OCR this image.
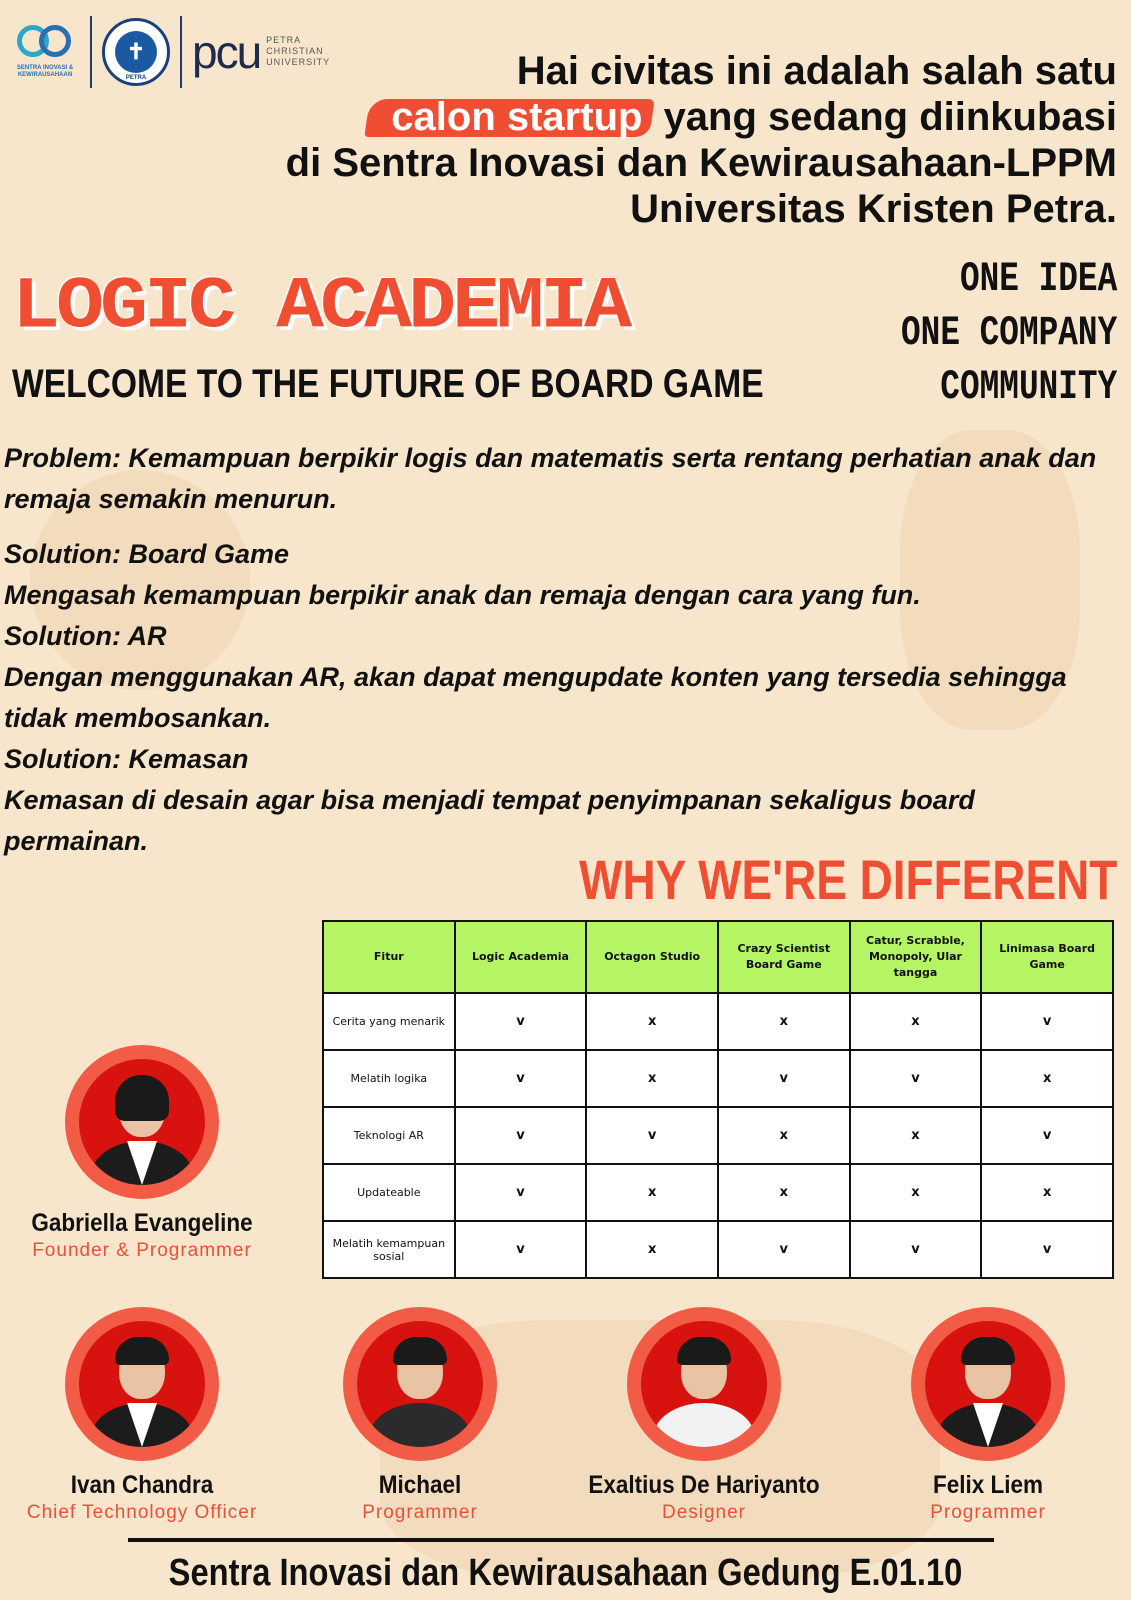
SENTRA INOVASI & KEWIRAUSAHAAN
✝
PETRA pcu PETRA
CHRISTIAN
UNIVERSITY	Hai civitas ini adalah salah satu
calon startup yang sedang diinkubasi
di Sentra Inovasi dan Kewirausahaan-LPPM
Universitas Kristen Petra.
LOGIC ACADEMIA
WELCOME TO THE FUTURE OF BOARD GAME
ONE IDEA
ONE COMPANY
COMMUNITY

Problem: Kemampuan berpikir logis dan matematis serta rentang perhatian anak dan remaja semakin menurun.

Solution: Board Game

Mengasah kemampuan berpikir anak dan remaja dengan cara yang fun.

Solution: AR

Dengan menggunakan AR, akan dapat mengupdate konten yang tersedia sehingga tidak membosankan.

Solution: Kemasan

Kemasan di desain agar bisa menjadi tempat penyimpanan sekaligus board permainan.

WHY WE'RE DIFFERENT
Fitur	Logic Academia	Octagon Studio	Crazy Scientist Board Game	Catur, Scrabble, Monopoly, Ular tangga	Linimasa Board Game
Cerita yang menarik	v	x	x	x	v
Melatih logika	v	x	v	v	x
Teknologi AR	v	v	x	x	v
Updateable	v	x	x	x	x
Melatih kemampuan sosial	v	x	v	v	v
Gabriella Evangeline
Founder & Programmer
Ivan Chandra
Chief Technology Officer
Michael
Programmer
Exaltius De Hariyanto
Designer
Felix Liem
Programmer
Sentra Inovasi dan Kewirausahaan Gedung E.01.10
